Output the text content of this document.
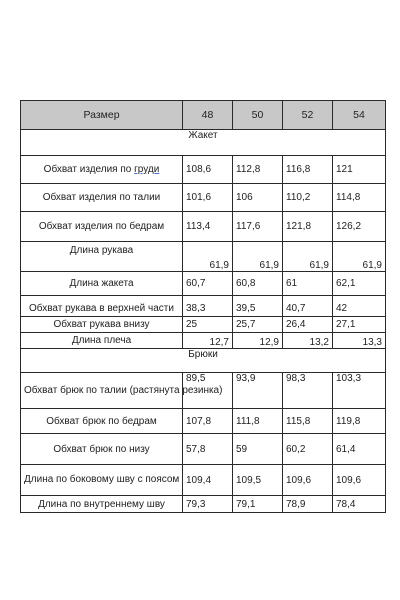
Размер	48	50	52	54
Жакет				
Обхват изделия по груди	108,6	112,8	116,8	121
Обхват изделия по талии	101,6	106	110,2	114,8
Обхват изделия по бедрам	113,4	117,6	121,8	126,2
Длина рукава	61,9	61,9	61,9	61,9
Длина жакета	60,7	60,8	61	62,1
Обхват рукава в верхней части	38,3	39,5	40,7	42
Обхват рукава внизу	25	25,7	26,4	27,1
Длина плеча	12,7	12,9	13,2	13,3
Брюки				
Обхват брюк по талии (растянута резинка)	89,5	93,9	98,3	103,3
Обхват брюк по бедрам	107,8	111,8	115,8	119,8
Обхват брюк по низу	57,8	59	60,2	61,4
Длина по боковому шву с поясом	109,4	109,5	109,6	109,6
Длина по внутреннему шву	79,3	79,1	78,9	78,4
